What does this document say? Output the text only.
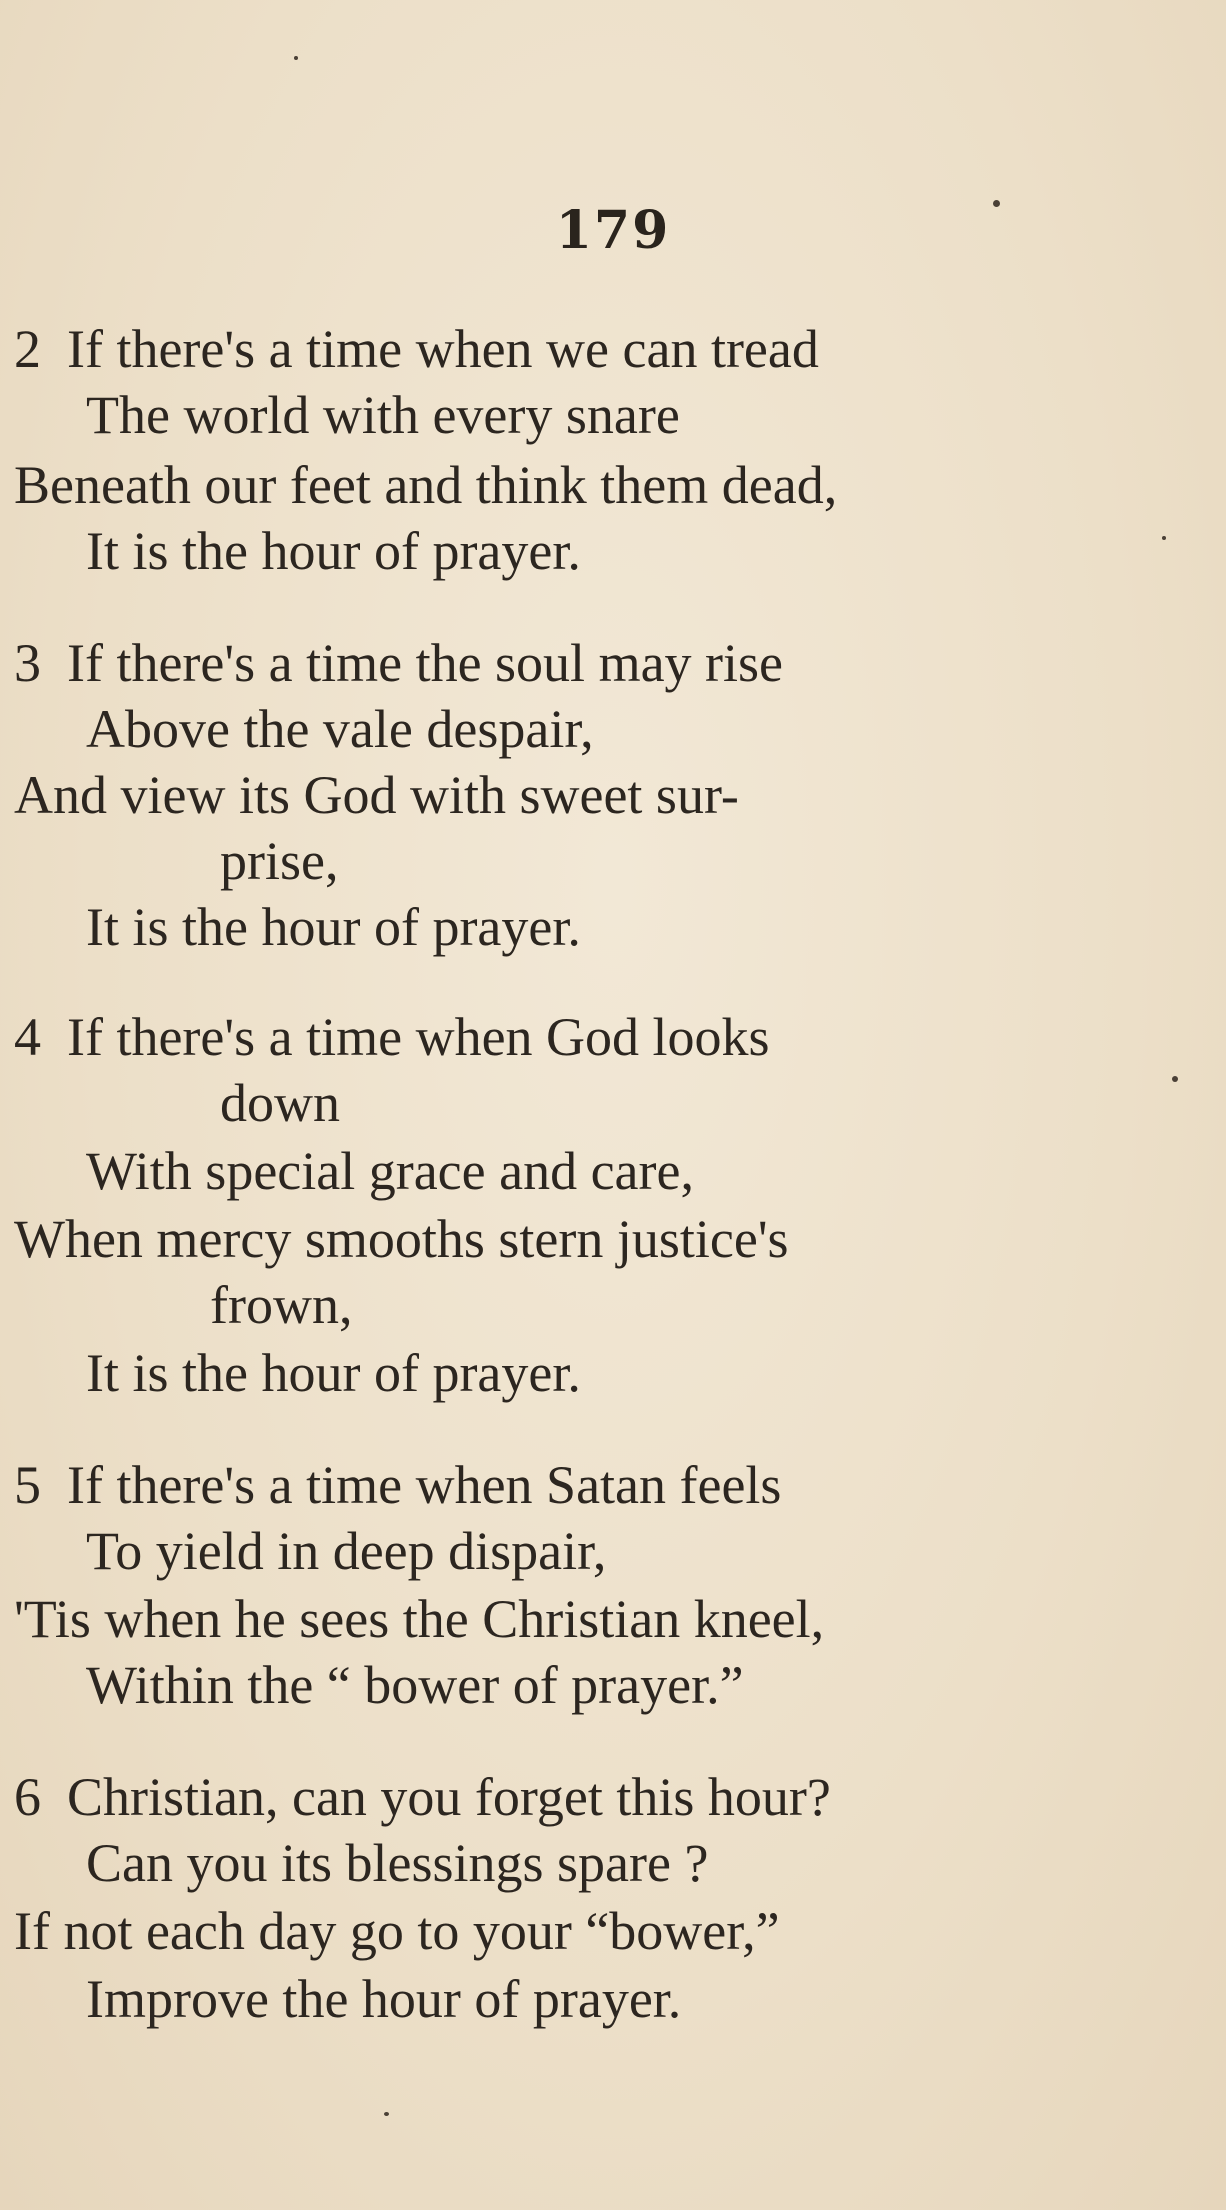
179
2 If there's a time when we can tread
The world with every snare
Beneath our feet and think them dead,
It is the hour of prayer.
3 If there's a time the soul may rise
Above the vale despair,
And view its God with sweet sur-
prise,
It is the hour of prayer.
4 If there's a time when God looks
down
With special grace and care,
When mercy smooths stern justice's
frown,
It is the hour of prayer.
5 If there's a time when Satan feels
To yield in deep dispair,
'Tis when he sees the Christian kneel,
Within the “ bower of prayer.”
6 Christian, can you forget this hour?
Can you its blessings spare ?
If not each day go to your “bower,”
Improve the hour of prayer.
